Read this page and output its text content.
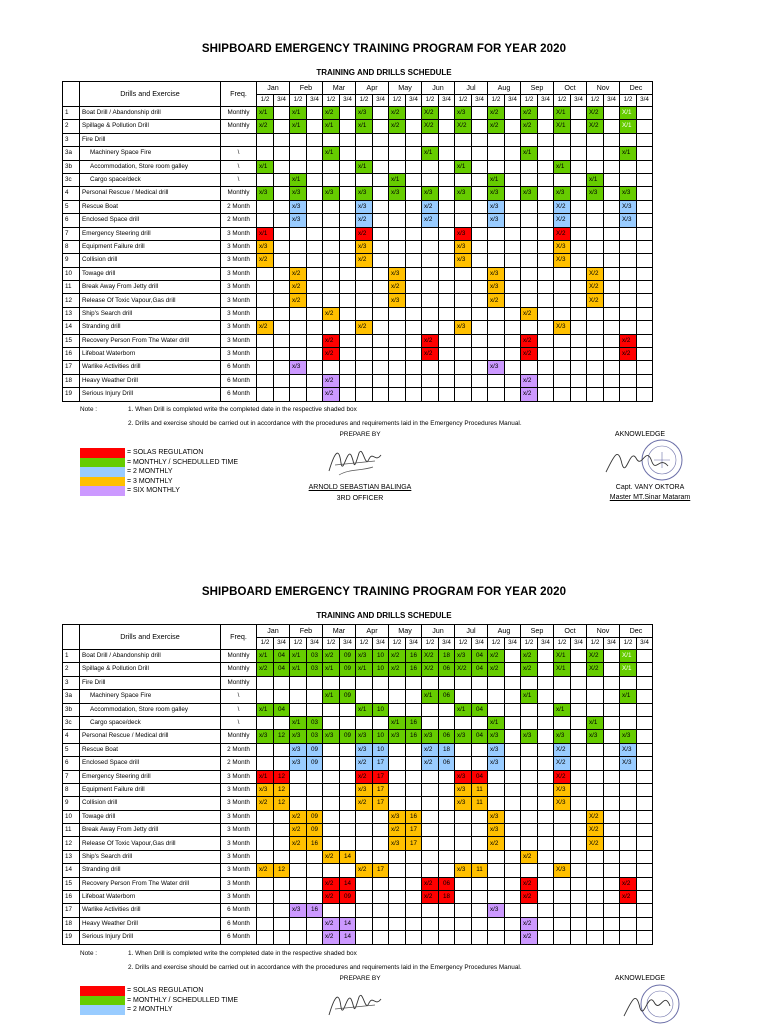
SHIPBOARD EMERGENCY TRAINING PROGRAM FOR YEAR 2020
TRAINING AND DRILLS SCHEDULE
	Drills and Exercise	Freq.	Jan		Feb		Mar		Apr		May		Jun		Jul		Aug		Sep		Oct		Nov		Dec	
			1/2	3/4	1/2	3/4	1/2	3/4	1/2	3/4	1/2	3/4	1/2	3/4	1/2	3/4	1/2	3/4	1/2	3/4	1/2	3/4	1/2	3/4	1/2	3/4
1	Boat Drill / Abandonship drill	Monthly	x/1		x/1		x/2		x/3		x/2		X/2		x/3		x/2		x/2		X/1		X/2		X/1	
2	Spillage & Pollution Drill	Monthly	x/2		x/1		x/1		x/1		x/2		X/2		X/2		x/2		x/2		X/1		X/2		X/1	
3	Fire Drill																									
3a	Machinery Space Fire	\					x/1						x/1						x/1						x/1	
3b	Accommodation, Store room galley	\	x/1						x/1						x/1						x/1					
3c	Cargo space/deck	\			x/1						x/1						x/1						x/1			
4	Personal Rescue / Medical drill	Monthly	x/3		x/3		x/3		x/3		x/3		x/3		x/3		x/3		x/3		x/3		x/3		x/3	
5	Rescue Boat	2 Month			x/3				x/3				x/2				x/3				X/2				X/3	
6	Enclosed Space drill	2 Month			x/3				x/2				x/2				x/3				X/2				X/3	
7	Emergency Steering drill	3 Month	x/1						x/2						x/3						X/2					
8	Equipment Failure drill	3 Month	x/3						x/3						x/3						X/3					
9	Collision drill	3 Month	x/2						x/2						x/3						X/3					
10	Towage drill	3 Month			x/2						x/3						x/3						X/2			
11	Break Away From Jetty drill	3 Month			x/2						x/2						x/3						X/2			
12	Release Of Toxic Vapour,Gas drill	3 Month			x/2						x/3						x/2						X/2			
13	Ship's Search drill	3 Month					x/2												x/2							
14	Stranding drill	3 Month	x/2						x/2						x/3						X/3					
15	Recovery Person From The Water drill	3 Month					x/2						x/2						x/2						x/2	
16	Lifeboat Waterborn	3 Month					x/2						x/2						x/2						x/2	
17	Warlike Activities drill	6 Month			x/3												x/3									
18	Heavy Weather Drill	6 Month					x/2												x/2							
19	Serious Injury Drill	6 Month					x/2												x/2							
Note :	1. When Drill is completed write the completed date in the respective shaded box
2. Drills and exercise should be carried out in accordance with the procedures and requirements laid in the Emergency Procedures Manual.
= SOLAS REGULATION
= MONTHLY / SCHEDULLED TIME
= 2 MONTHLY
= 3 MONTHLY
= SIX MONTHLY
PREPARE BY
ARNOLD SEBASTIAN BALINGA
3RD OFFICER
AKNOWLEDGE
Capt. VANY OKTORA
Master MT.Sinar Mataram
SHIPBOARD EMERGENCY TRAINING PROGRAM FOR YEAR 2020
TRAINING AND DRILLS SCHEDULE
	Drills and Exercise	Freq.	Jan		Feb		Mar		Apr		May		Jun		Jul		Aug		Sep		Oct		Nov		Dec	
			1/2	3/4	1/2	3/4	1/2	3/4	1/2	3/4	1/2	3/4	1/2	3/4	1/2	3/4	1/2	3/4	1/2	3/4	1/2	3/4	1/2	3/4	1/2	3/4
1	Boat Drill / Abandonship drill	Monthly	x/1	04	x/1	03	x/2	09	x/3	10	x/2	16	X/2	18	x/3	04	x/2		x/2		X/1		X/2		X/1	
2	Spillage & Pollution Drill	Monthly	x/2	04	x/1	03	x/1	09	x/1	10	x/2	16	X/2	06	X/2	04	x/2		x/2		X/1		X/2		X/1	
3	Fire Drill	Monthly																								
3a	Machinery Space Fire	\					x/1	09					x/1	06					x/1						x/1	
3b	Accommodation, Store room galley	\	x/1	04					x/1	10					x/1	04					x/1					
3c	Cargo space/deck	\			x/1	03					x/1	16					x/1						x/1			
4	Personal Rescue / Medical drill	Monthly	x/3	12	x/3	03	x/3	09	x/3	10	x/3	16	x/3	06	x/3	04	x/3		x/3		x/3		x/3		x/3	
5	Rescue Boat	2 Month			x/3	09			x/3	10			x/2	18			x/3				X/2				X/3	
6	Enclosed Space drill	2 Month			x/3	09			x/2	17			x/2	06			x/3				X/2				X/3	
7	Emergency Steering drill	3 Month	x/1	12					x/2	17					x/3	04					X/2					
8	Equipment Failure drill	3 Month	x/3	12					x/3	17					x/3	11					X/3					
9	Collision drill	3 Month	x/2	12					x/2	17					x/3	11					X/3					
10	Towage drill	3 Month			x/2	09					x/3	16					x/3						X/2			
11	Break Away From Jetty drill	3 Month			x/2	09					x/2	17					x/3						X/2			
12	Release Of Toxic Vapour,Gas drill	3 Month			x/2	16					x/3	17					x/2						X/2			
13	Ship's Search drill	3 Month					x/2	14											x/2							
14	Stranding drill	3 Month	x/2	12					x/2	17					x/3	11					X/3					
15	Recovery Person From The Water drill	3 Month					x/2	14					x/2	06					x/2						x/2	
16	Lifeboat Waterborn	3 Month					x/2	09					x/2	18					x/2						x/2	
17	Warlike Activities drill	6 Month			x/3	16											x/3									
18	Heavy Weather Drill	6 Month					x/2	14											x/2							
19	Serious Injury Drill	6 Month					x/2	14											x/2							
Note :	1. When Drill is completed write the completed date in the respective shaded box
2. Drills and exercise should be carried out in accordance with the procedures and requirements laid in the Emergency Procedures Manual.
= SOLAS REGULATION
= MONTHLY / SCHEDULLED TIME
= 2 MONTHLY
PREPARE BY	AKNOWLEDGE
